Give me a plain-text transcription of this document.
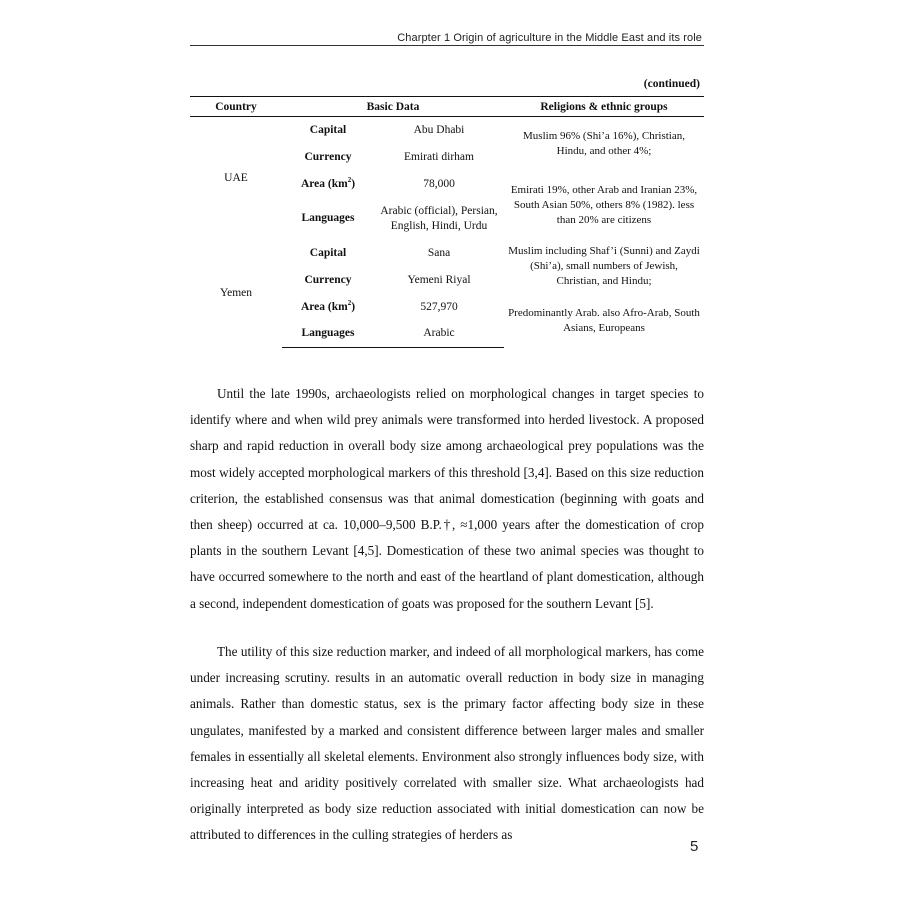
Charpter 1 Origin of agriculture in the Middle East and its role
(continued)
Country	Basic Data		Religions & ethnic groups
UAE	Capital	Abu Dhabi	Muslim 96% (Shi’a 16%), Christian, Hindu, and other 4%;
	Currency	Emirati dirham	
	Area $(km^2)$	78,000	Emirati 19%, other Arab and Iranian 23%, South Asian 50%, others 8% (1982). less than 20% are citizens
	Languages	Arabic (official), Persian, English, Hindi, Urdu	
Yemen	Capital	Sana	Muslim including Shaf’i (Sunni) and Zaydi (Shi’a), small numbers of Jewish, Christian, and Hindu;
	Currency	Yemeni Riyal	
	Area $(km^2)$	527,970	Predominantly Arab. also Afro-Arab, South Asians, Europeans
	Languages	Arabic	

Until the late 1990s, archaeologists relied on morphological changes in target species to identify where and when wild prey animals were transformed into herded livestock. A proposed sharp and rapid reduction in overall body size among archaeological prey populations was the most widely accepted morphological markers of this threshold [3,4]. Based on this size reduction criterion, the established consensus was that animal domestication (beginning with goats and then sheep) occurred at ca. 10,000–9,500 B.P.†, ≈1,000 years after the domestication of crop plants in the southern Levant [4,5]. Domestication of these two animal species was thought to have occurred somewhere to the north and east of the heartland of plant domestication, although a second, independent domestication of goats was proposed for the southern Levant [5].

The utility of this size reduction marker, and indeed of all morphological markers, has come under increasing scrutiny. results in an automatic overall reduction in body size in managing animals. Rather than domestic status, sex is the primary factor affecting body size in these ungulates, manifested by a marked and consistent difference between larger males and smaller females in essentially all skeletal elements. Environment also strongly influences body size, with increasing heat and aridity positively correlated with smaller size. What archaeologists had originally interpreted as body size reduction associated with initial domestication can now be attributed to differences in the culling strategies of herders as

5
